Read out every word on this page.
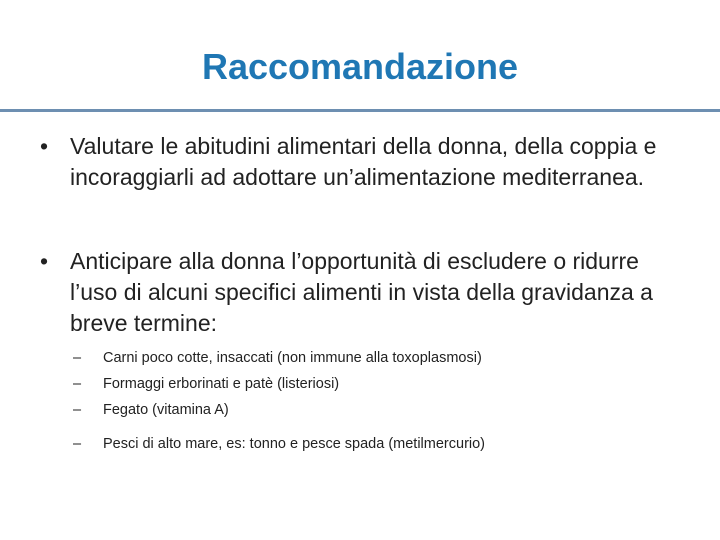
Raccomandazione
• Valutare le abitudini alimentari della donna, della coppia e incoraggiarli ad adottare un’alimentazione mediterranea.
• Anticipare alla donna l’opportunità di escludere o ridurre l’uso di alcuni specifici alimenti in vista della gravidanza a breve termine:
– Carni poco cotte, insaccati (non immune alla toxoplasmosi)
– Formaggi erborinati e patè (listeriosi)
– Fegato (vitamina A)
– Pesci di alto mare, es: tonno e pesce spada (metilmercurio)
